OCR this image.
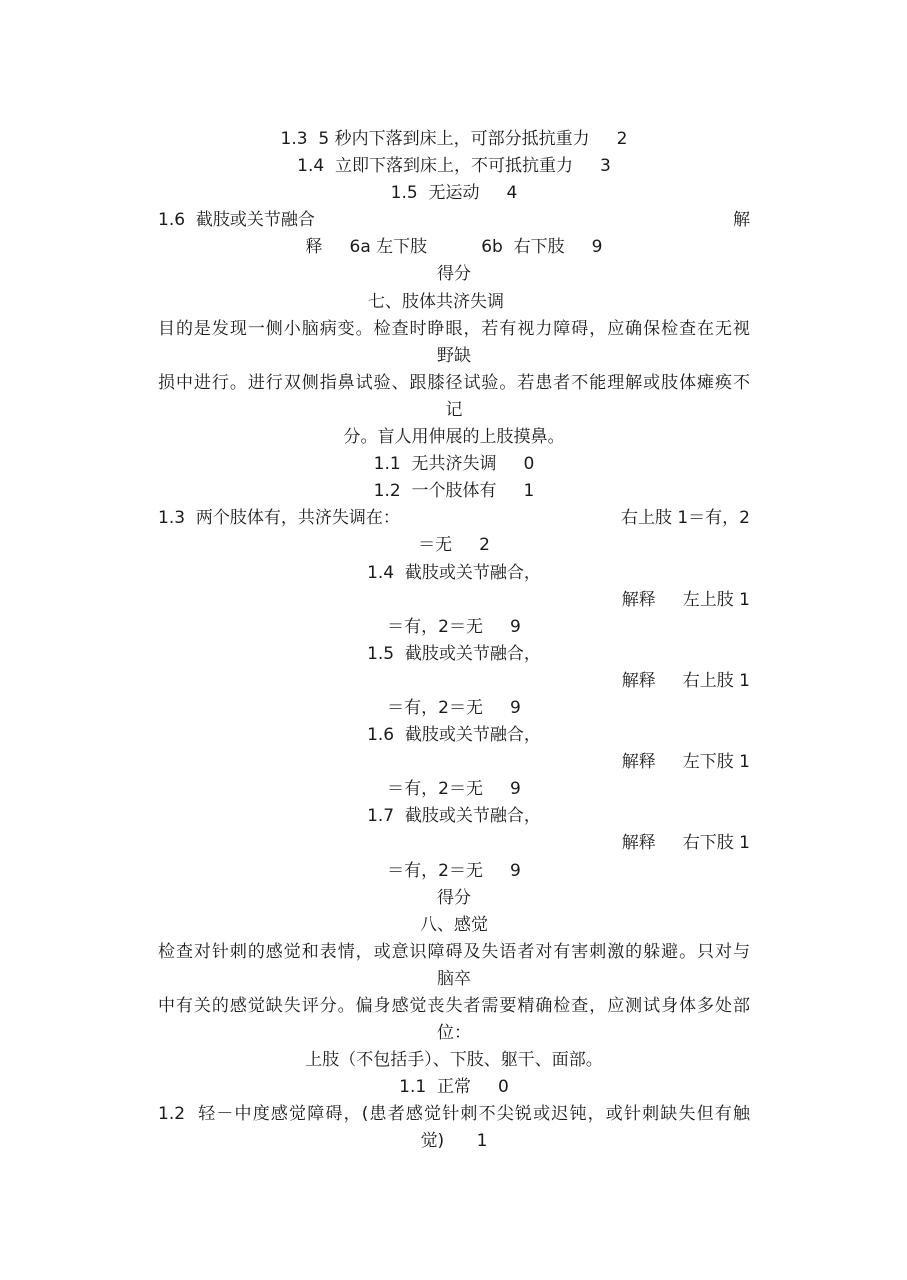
1.3  5 秒内下落到床上，可部分抵抗重力     2
1.4  立即下落到床上，不可抵抗重力     3
1.5  无运动     4
1.6  截肢或关节融合	解
释     6a 左下肢          6b  右下肢     9
得分
七、肢体共济失调
目的是发现一侧小脑病变。检查时睁眼，若有视力障碍，应确保检查在无视
野缺
损中进行。进行双侧指鼻试验、跟膝径试验。若患者不能理解或肢体瘫痪不
记
分。盲人用伸展的上肢摸鼻。
1.1  无共济失调     0
1.2  一个肢体有     1
1.3  两个肢体有，共济失调在：	右上肢 1＝有，2
＝无     2
1.4  截肢或关节融合，
解释     左上肢 1
＝有，2＝无     9
1.5  截肢或关节融合，
解释     右上肢 1
＝有，2＝无     9
1.6  截肢或关节融合，
解释     左下肢 1
＝有，2＝无     9
1.7  截肢或关节融合，
解释     右下肢 1
＝有，2＝无     9
得分
八、感觉
检查对针刺的感觉和表情，或意识障碍及失语者对有害刺激的躲避。只对与
脑卒
中有关的感觉缺失评分。偏身感觉丧失者需要精确检查，应测试身体多处部
位：
上肢（不包括手）、下肢、躯干、面部。
1.1  正常     0
1.2  轻－中度感觉障碍，(患者感觉针刺不尖锐或迟钝，或针刺缺失但有触
觉)      1
